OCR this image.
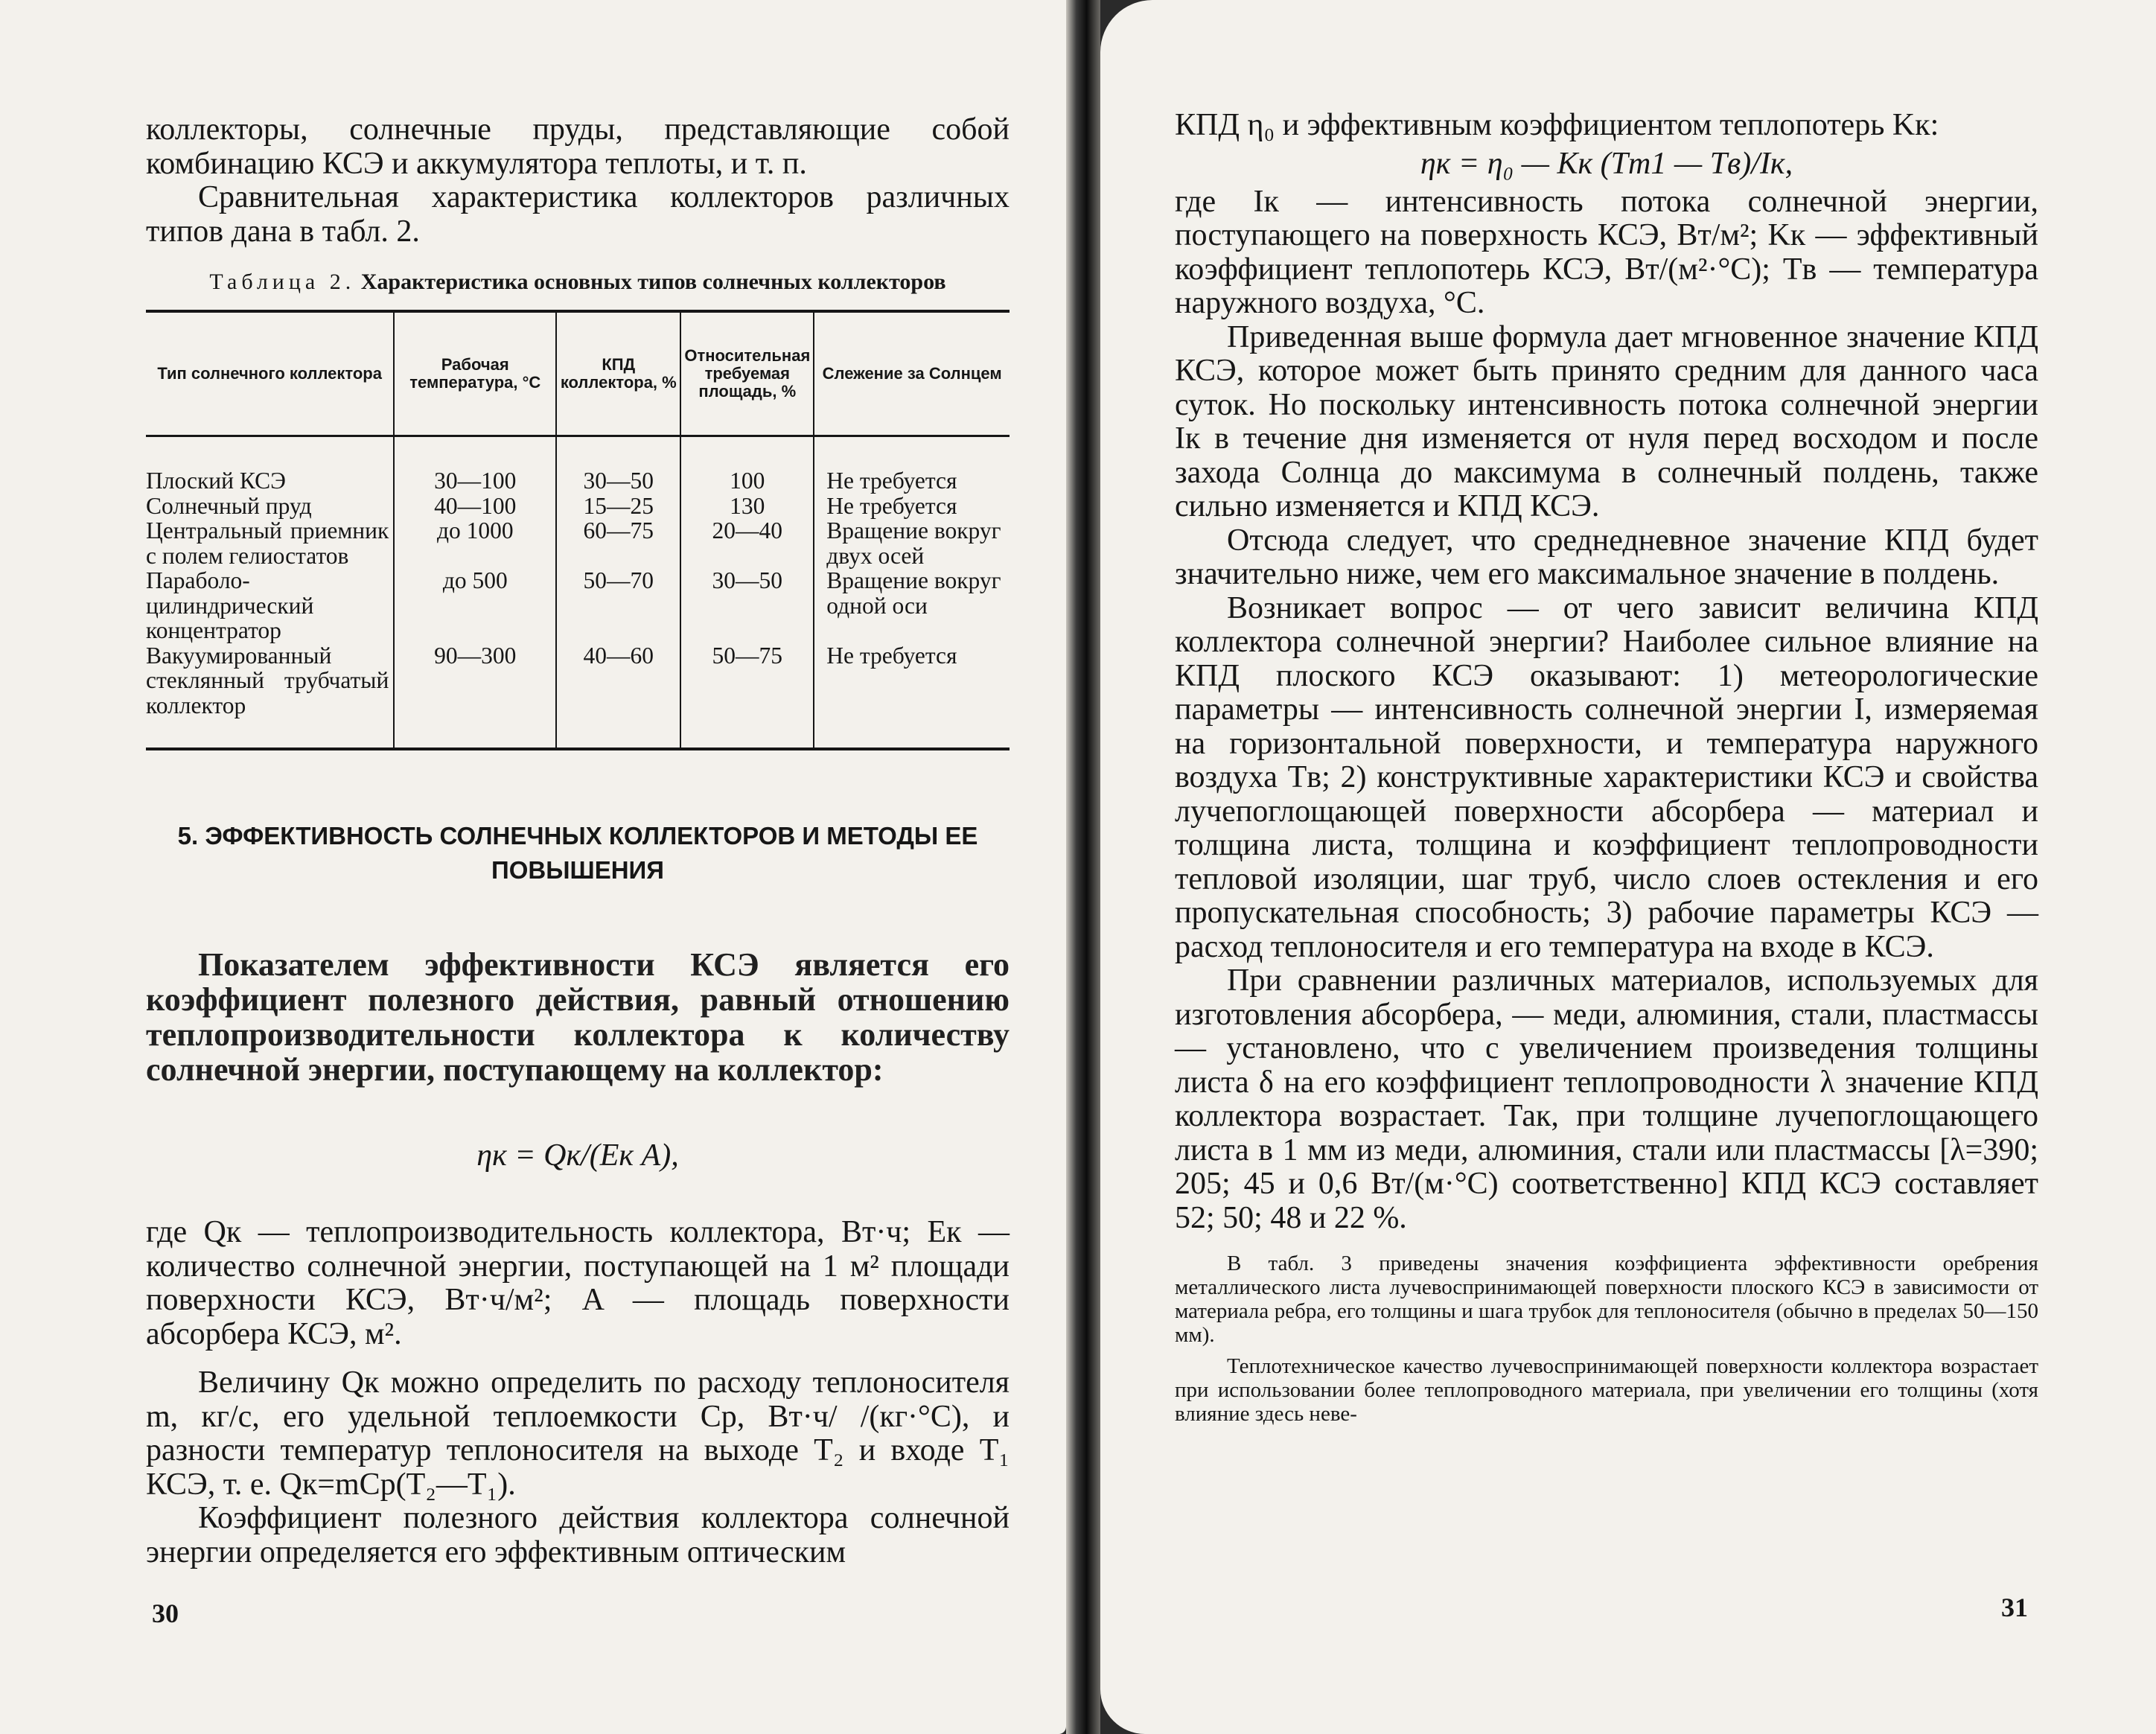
коллекторы, солнечные пруды, представляющие собой комбинацию КСЭ и аккумулятора теплоты, и т. п.

Сравнительная характеристика коллекторов различных типов дана в табл. 2.

Таблица 2. Характеристика основных типов солнечных коллекторов
Тип солнечного коллектора	Рабочая температура, °С	КПД коллектора, %	Относительная требуемая площадь, %	Слежение за Солнцем
Плоский КСЭ	30—100	30—50	100	Не требуется
Солнечный пруд	40—100	15—25	130	Не требуется
Центральный приемник с полем гелиостатов	до 1000	60—75	20—40	Вращение вокруг двух осей
Параболо-цилиндрический концентратор	до 500	50—70	30—50	Вращение вокруг одной оси
Вакуумированный стеклянный трубчатый коллектор	90—300	40—60	50—75	Не требуется
5. ЭФФЕКТИВНОСТЬ СОЛНЕЧНЫХ КОЛЛЕКТОРОВ И МЕТОДЫ ЕЕ ПОВЫШЕНИЯ

Показателем эффективности КСЭ является его коэффициент полезного действия, равный отношению теплопроизводительности коллектора к количеству солнечной энергии, поступающему на коллектор:

ηк = Qк/(Eк A),

где Qк — теплопроизводительность коллектора, Вт·ч; Eк — количество солнечной энергии, поступающей на 1 м² площади поверхности КСЭ, Вт·ч/м²; A — площадь поверхности абсорбера КСЭ, м².

Величину Qк можно определить по расходу теплоносителя m, кг/с, его удельной теплоемкости Cр, Вт·ч/ /(кг·°С), и разности температур теплоносителя на выходе T₂ и входе T₁ КСЭ, т. е. Qк=mCр(T₂—T₁).

Коэффициент полезного действия коллектора солнечной энергии определяется его эффективным оптическим

30

КПД η₀ и эффективным коэффициентом теплопотерь Kк:

ηк = η₀ — Kк (Tт1 — Tв)/Iк,

где Iк — интенсивность потока солнечной энергии, поступающего на поверхность КСЭ, Вт/м²; Kк — эффективный коэффициент теплопотерь КСЭ, Вт/(м²·°С); Tв — температура наружного воздуха, °С.

Приведенная выше формула дает мгновенное значение КПД КСЭ, которое может быть принято средним для данного часа суток. Но поскольку интенсивность потока солнечной энергии Iк в течение дня изменяется от нуля перед восходом и после захода Солнца до максимума в солнечный полдень, также сильно изменяется и КПД КСЭ.

Отсюда следует, что среднедневное значение КПД будет значительно ниже, чем его максимальное значение в полдень.

Возникает вопрос — от чего зависит величина КПД коллектора солнечной энергии? Наиболее сильное влияние на КПД плоского КСЭ оказывают: 1) метеорологические параметры — интенсивность солнечной энергии I, измеряемая на горизонтальной поверхности, и температура наружного воздуха Tв; 2) конструктивные характеристики КСЭ и свойства лучепоглощающей поверхности абсорбера — материал и толщина листа, толщина и коэффициент теплопроводности тепловой изоляции, шаг труб, число слоев остекления и его пропускательная способность; 3) рабочие параметры КСЭ — расход теплоносителя и его температура на входе в КСЭ.

При сравнении различных материалов, используемых для изготовления абсорбера, — меди, алюминия, стали, пластмассы — установлено, что с увеличением произведения толщины листа δ на его коэффициент теплопроводности λ значение КПД коллектора возрастает. Так, при толщине лучепоглощающего листа в 1 мм из меди, алюминия, стали или пластмассы [λ=390; 205; 45 и 0,6 Вт/(м·°С) соответственно] КПД КСЭ составляет 52; 50; 48 и 22 %.

В табл. 3 приведены значения коэффициента эффективности оребрения металлического листа лучевоспринимающей поверхности плоского КСЭ в зависимости от материала ребра, его толщины и шага трубок для теплоносителя (обычно в пределах 50—150 мм).

Теплотехническое качество лучевоспринимающей поверхности коллектора возрастает при использовании более теплопроводного материала, при увеличении его толщины (хотя влияние здесь неве-

31
